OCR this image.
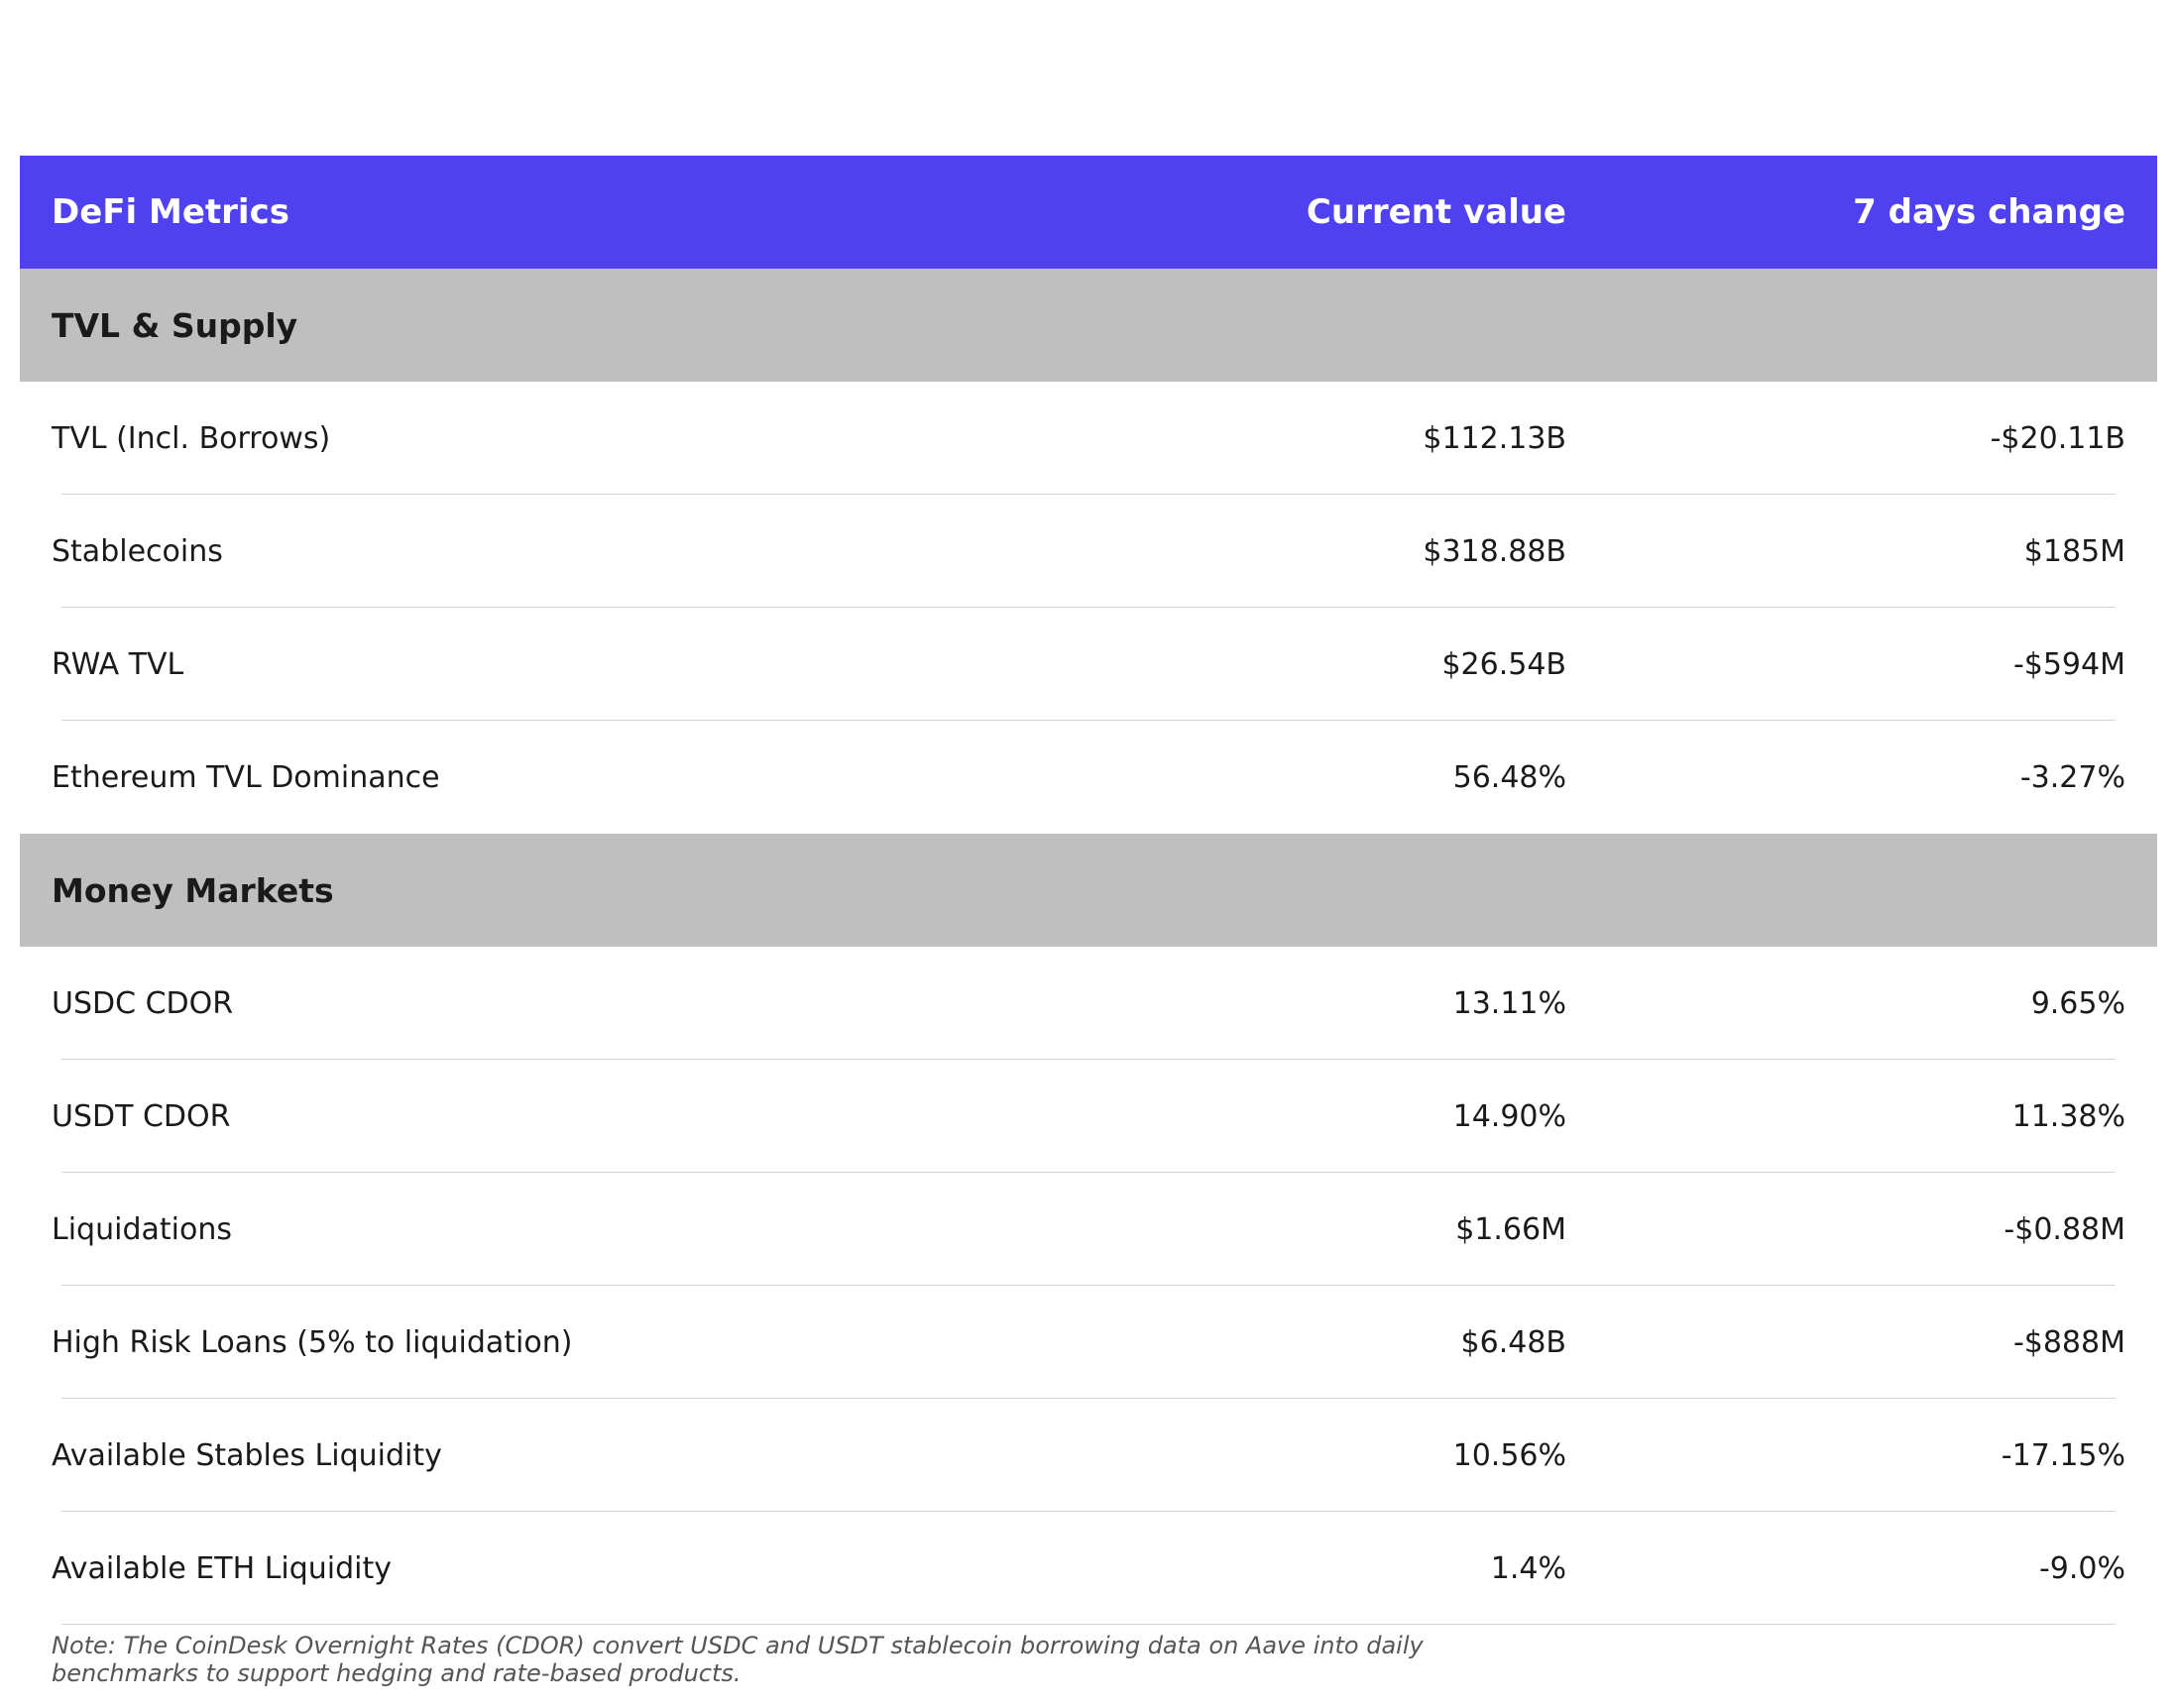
DeFi Metrics	Current value	7 days change
TVL & Supply
TVL (Incl. Borrows)	$112.13B	-$20.11B
Stablecoins	$318.88B	$185M
RWA TVL	$26.54B	-$594M
Ethereum TVL Dominance	56.48%	-3.27%
Money Markets
USDC CDOR	13.11%	9.65%
USDT CDOR	14.90%	11.38%
Liquidations	$1.66M	-$0.88M
High Risk Loans (5% to liquidation)	$6.48B	-$888M
Available Stables Liquidity	10.56%	-17.15%
Available ETH Liquidity	1.4%	-9.0%
Note: The CoinDesk Overnight Rates (CDOR) convert USDC and USDT stablecoin borrowing data on Aave into daily
benchmarks to support hedging and rate-based products.
